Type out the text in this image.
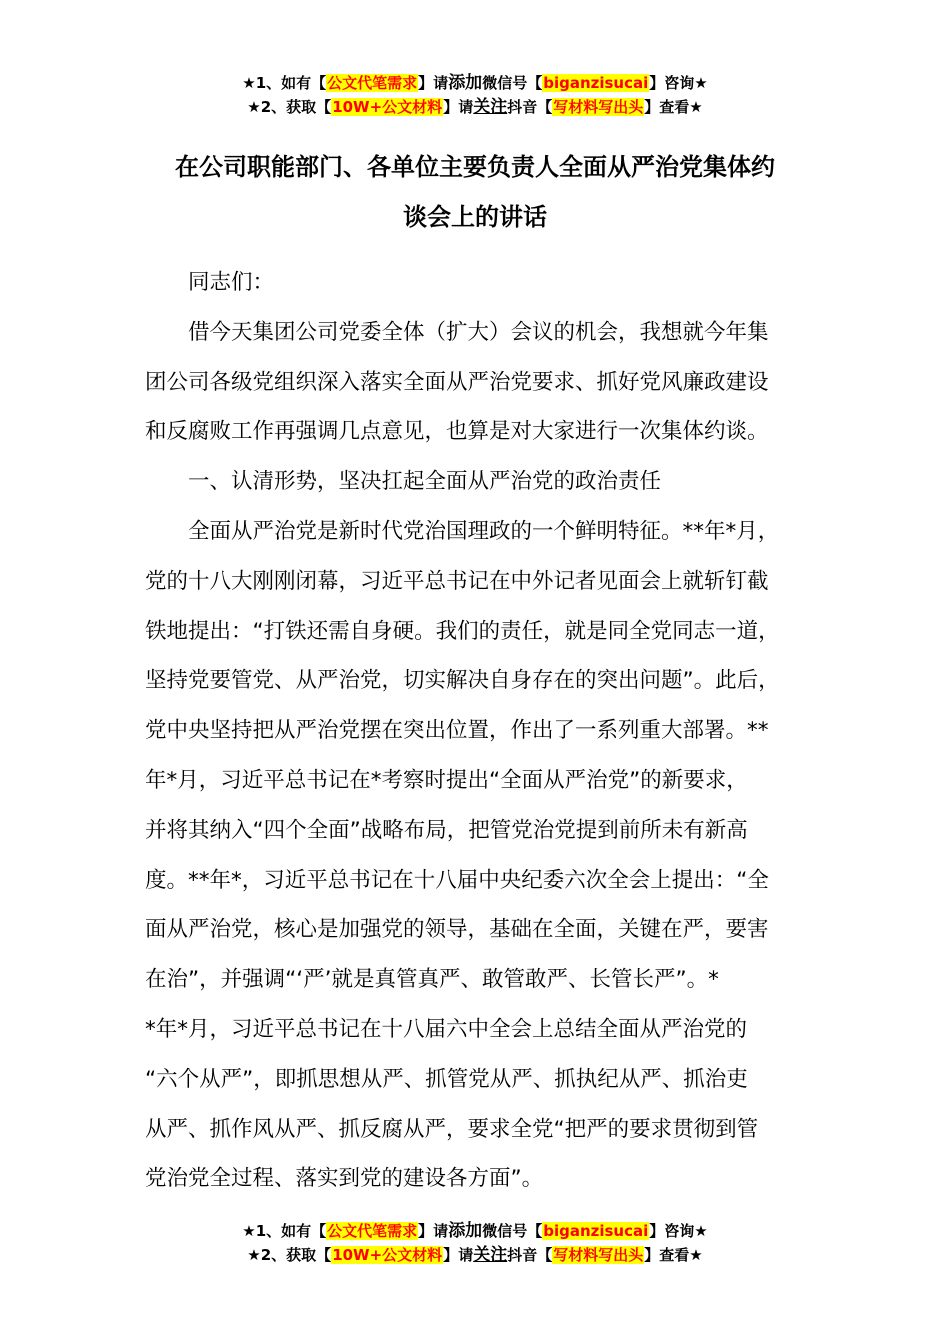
★1、如有【公文代笔需求】请添加微信号【biganzisucai】咨询★
★2、获取【10W+公文材料】请关注抖音【写材料写出头】查看★
在公司职能部门、各单位主要负责人全面从严治党集体约
谈会上的讲话

同志们：

借今天集团公司党委全体（扩大）会议的机会，我想就今年集
团公司各级党组织深入落实全面从严治党要求、抓好党风廉政建设
和反腐败工作再强调几点意见，也算是对大家进行一次集体约谈。

一、认清形势，坚决扛起全面从严治党的政治责任

全面从严治党是新时代党治国理政的一个鲜明特征。**年*月，
党的十八大刚刚闭幕，习近平总书记在中外记者见面会上就斩钉截
铁地提出：“打铁还需自身硬。我们的责任，就是同全党同志一道，
坚持党要管党、从严治党，切实解决自身存在的突出问题”。此后，
党中央坚持把从严治党摆在突出位置，作出了一系列重大部署。**
年*月，习近平总书记在*考察时提出“全面从严治党”的新要求，
并将其纳入“四个全面”战略布局，把管党治党提到前所未有新高
度。**年*，习近平总书记在十八届中央纪委六次全会上提出：“全
面从严治党，核心是加强党的领导，基础在全面，关键在严，要害
在治”，并强调“‘严’就是真管真严、敢管敢严、长管长严”。*
*年*月，习近平总书记在十八届六中全会上总结全面从严治党的
“六个从严”，即抓思想从严、抓管党从严、抓执纪从严、抓治吏
从严、抓作风从严、抓反腐从严，要求全党“把严的要求贯彻到管
党治党全过程、落实到党的建设各方面”。

★1、如有【公文代笔需求】请添加微信号【biganzisucai】咨询★
★2、获取【10W+公文材料】请关注抖音【写材料写出头】查看★
